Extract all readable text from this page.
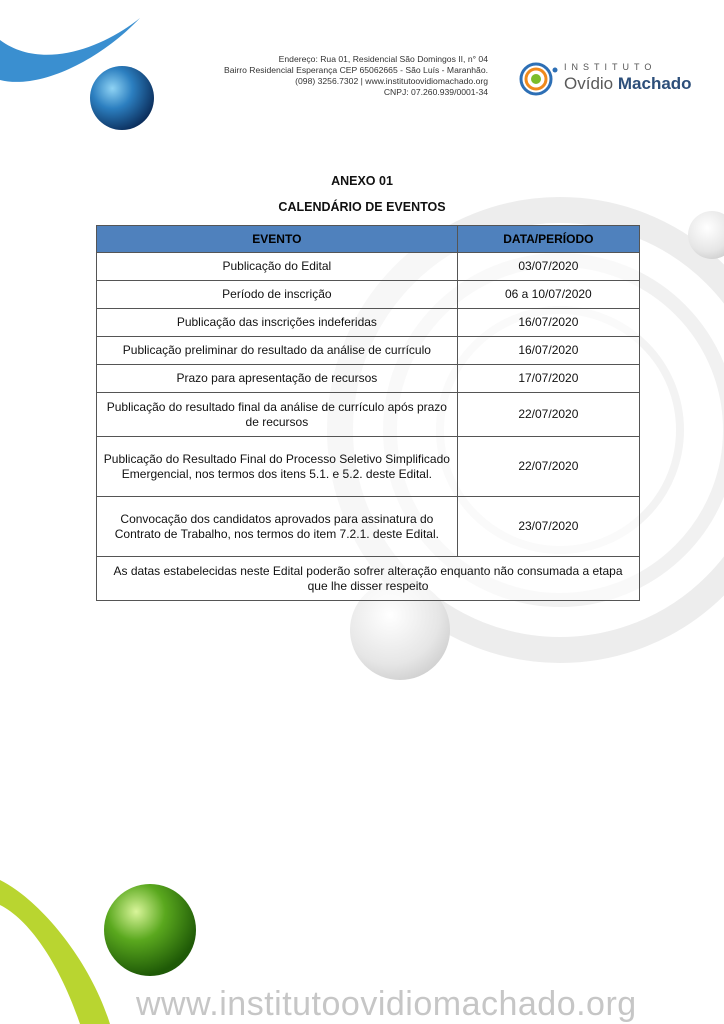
Endereço: Rua 01, Residencial São Domingos II, n° 04
Bairro Residencial Esperança CEP 65062665 - São Luís - Maranhão.
(098) 3256.7302 | www.institutoovidiomachado.org
CNPJ: 07.260.939/0001-34
INSTITUTO
Ovídio Machado
ANEXO 01
CALENDÁRIO DE EVENTOS
EVENTO	DATA/PERÍODO
Publicação do Edital	03/07/2020
Período de inscrição	06 a 10/07/2020
Publicação das inscrições indeferidas	16/07/2020
Publicação preliminar do resultado da análise de currículo	16/07/2020
Prazo para apresentação de recursos	17/07/2020
Publicação do resultado final da análise de currículo após prazo de recursos	22/07/2020
Publicação do Resultado Final do Processo Seletivo Simplificado Emergencial, nos termos dos itens 5.1. e 5.2. deste Edital.	22/07/2020
Convocação dos candidatos aprovados para assinatura do Contrato de Trabalho, nos termos do item 7.2.1. deste Edital.	23/07/2020
As datas estabelecidas neste Edital poderão sofrer alteração enquanto não consumada a etapa que lhe disser respeito	
www.institutoovidiomachado.org
